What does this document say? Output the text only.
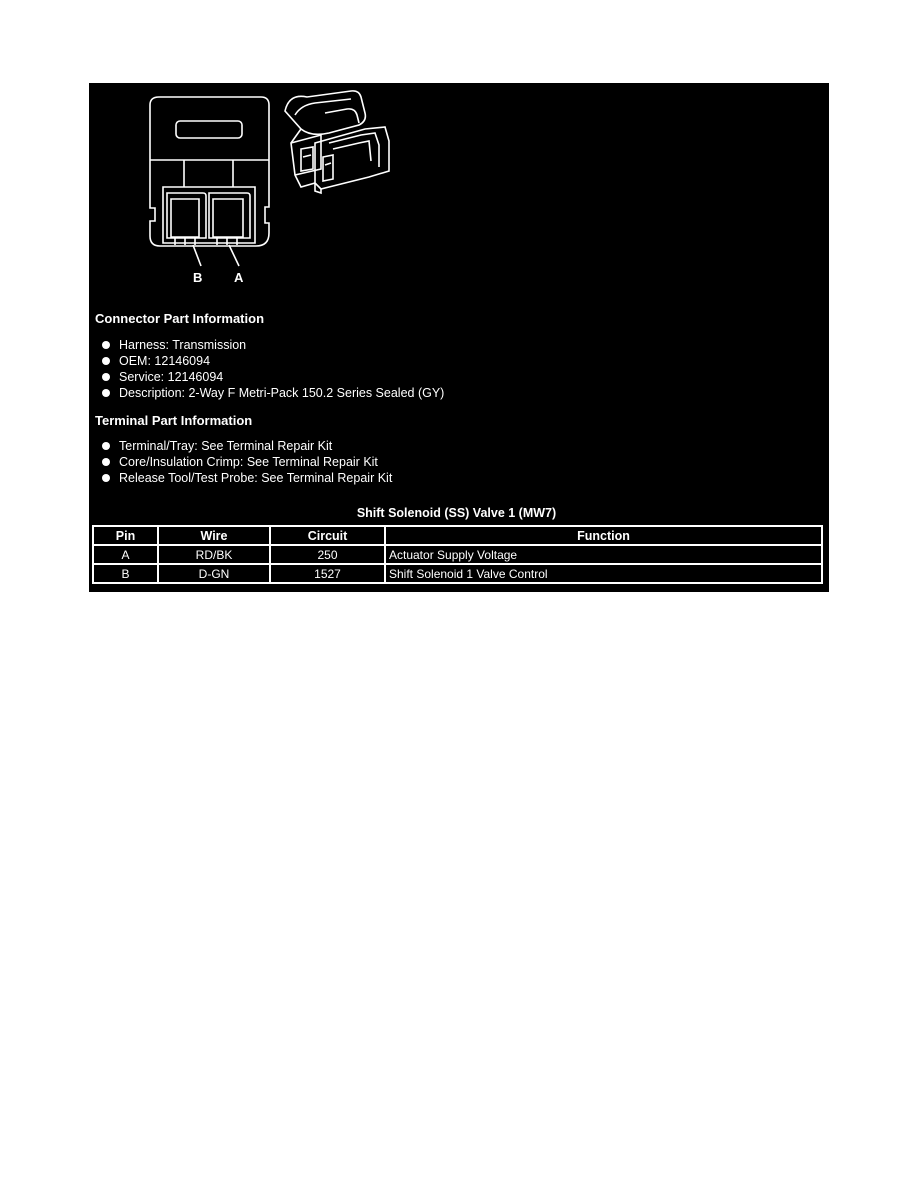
B A
Connector Part Information
Harness: Transmission
OEM: 12146094
Service: 12146094
Description: 2-Way F Metri-Pack 150.2 Series Sealed (GY)
Terminal Part Information
Terminal/Tray: See Terminal Repair Kit
Core/Insulation Crimp: See Terminal Repair Kit
Release Tool/Test Probe: See Terminal Repair Kit
Shift Solenoid (SS) Valve 1 (MW7)
Pin	Wire	Circuit	Function
A	RD/BK	250	Actuator Supply Voltage
B	D-GN	1527	Shift Solenoid 1 Valve Control
